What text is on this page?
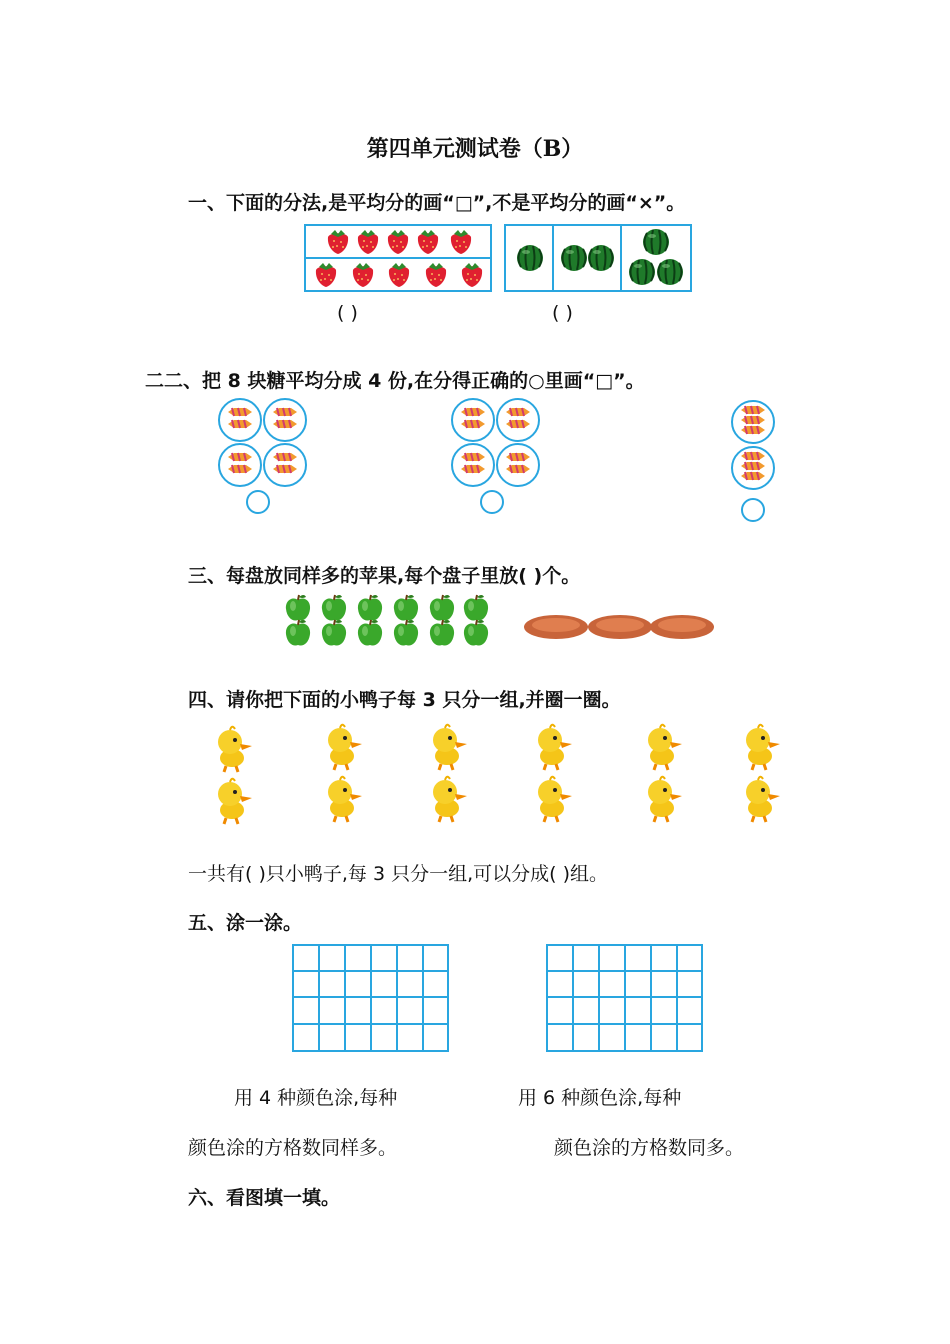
第四单元测试卷（B）
一、下面的分法,是平均分的画“□”,不是平均分的画“×”。
( )	( )
二二、把 8 块糖平均分成 4 份,在分得正确的○里画“□”。
三、每盘放同样多的苹果,每个盘子里放( )个。
四、请你把下面的小鸭子每 3 只分一组,并圈一圈。
一共有( )只小鸭子,每 3 只分一组,可以分成( )组。
五、涂一涂。
用 4 种颜色涂,每种	用 6 种颜色涂,每种
颜色涂的方格数同样多。	颜色涂的方格数同多。
六、看图填一填。
